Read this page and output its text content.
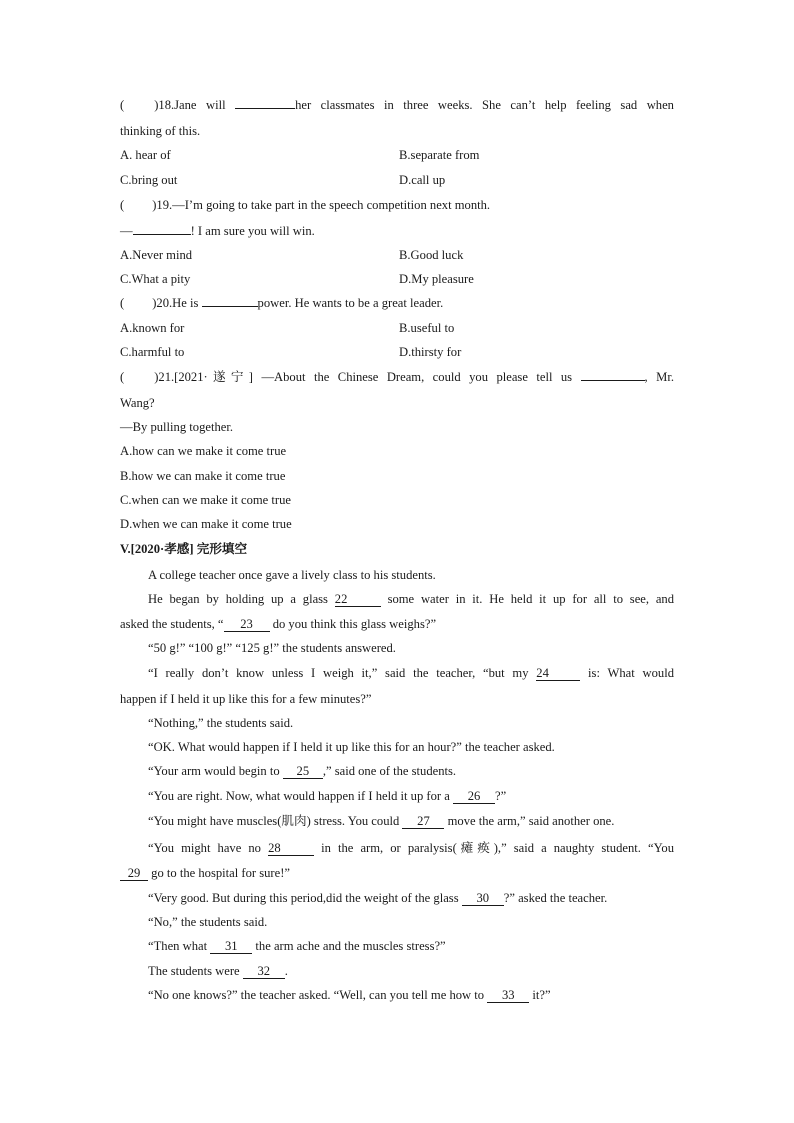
( )18.Jane will	her classmates in three weeks. She can’t help feeling sad when
thinking of this.
A. hear of	B.separate from
C.bring out	D.call up
( )19.—I’m going to take part in the speech competition next month.
—	! I am sure you will win.
A.Never mind	B.Good luck
C.What a pity	D.My pleasure
( )20.He is	power. He wants to be a great leader.
A.known for	B.useful to
C.harmful to	D.thirsty for
( )21.[2021·遂宁] —About the Chinese Dream, could you please tell us	, Mr.
Wang?
—By pulling together.
A.how can we make it come true
B.how we can make it come true
C.when can we make it come true
D.when we can make it come true
V.[2020·孝感] 完形填空
A college teacher once gave a lively class to his students.
He began by holding up a glass 22	some water in it. He held it up for all to see, and
asked the students, “ 23 do you think this glass weighs?”
“50 g!” “100 g!” “125 g!” the students answered.
“I really don’t know unless I weigh it,” said the teacher, “but my 24	is: What would
happen if I held it up like this for a few minutes?”
“Nothing,” the students said.
“OK. What would happen if I held it up like this for an hour?” the teacher asked.
“Your arm would begin to 25 ,” said one of the students.
“You are right. Now, what would happen if I held it up for a 26 ?”
“You might have muscles(肌肉) stress. You could 27 move the arm,” said another one.
“You might have no 28	in the arm, or paralysis(瘫痪),” said a naughty student. “You
29 go to the hospital for sure!”
“Very good. But during this period,did the weight of the glass 30 ?” asked the teacher.
“No,” the students said.
“Then what 31 the arm ache and the muscles stress?”
The students were 32 .
“No one knows?” the teacher asked. “Well, can you tell me how to 33 it?”
